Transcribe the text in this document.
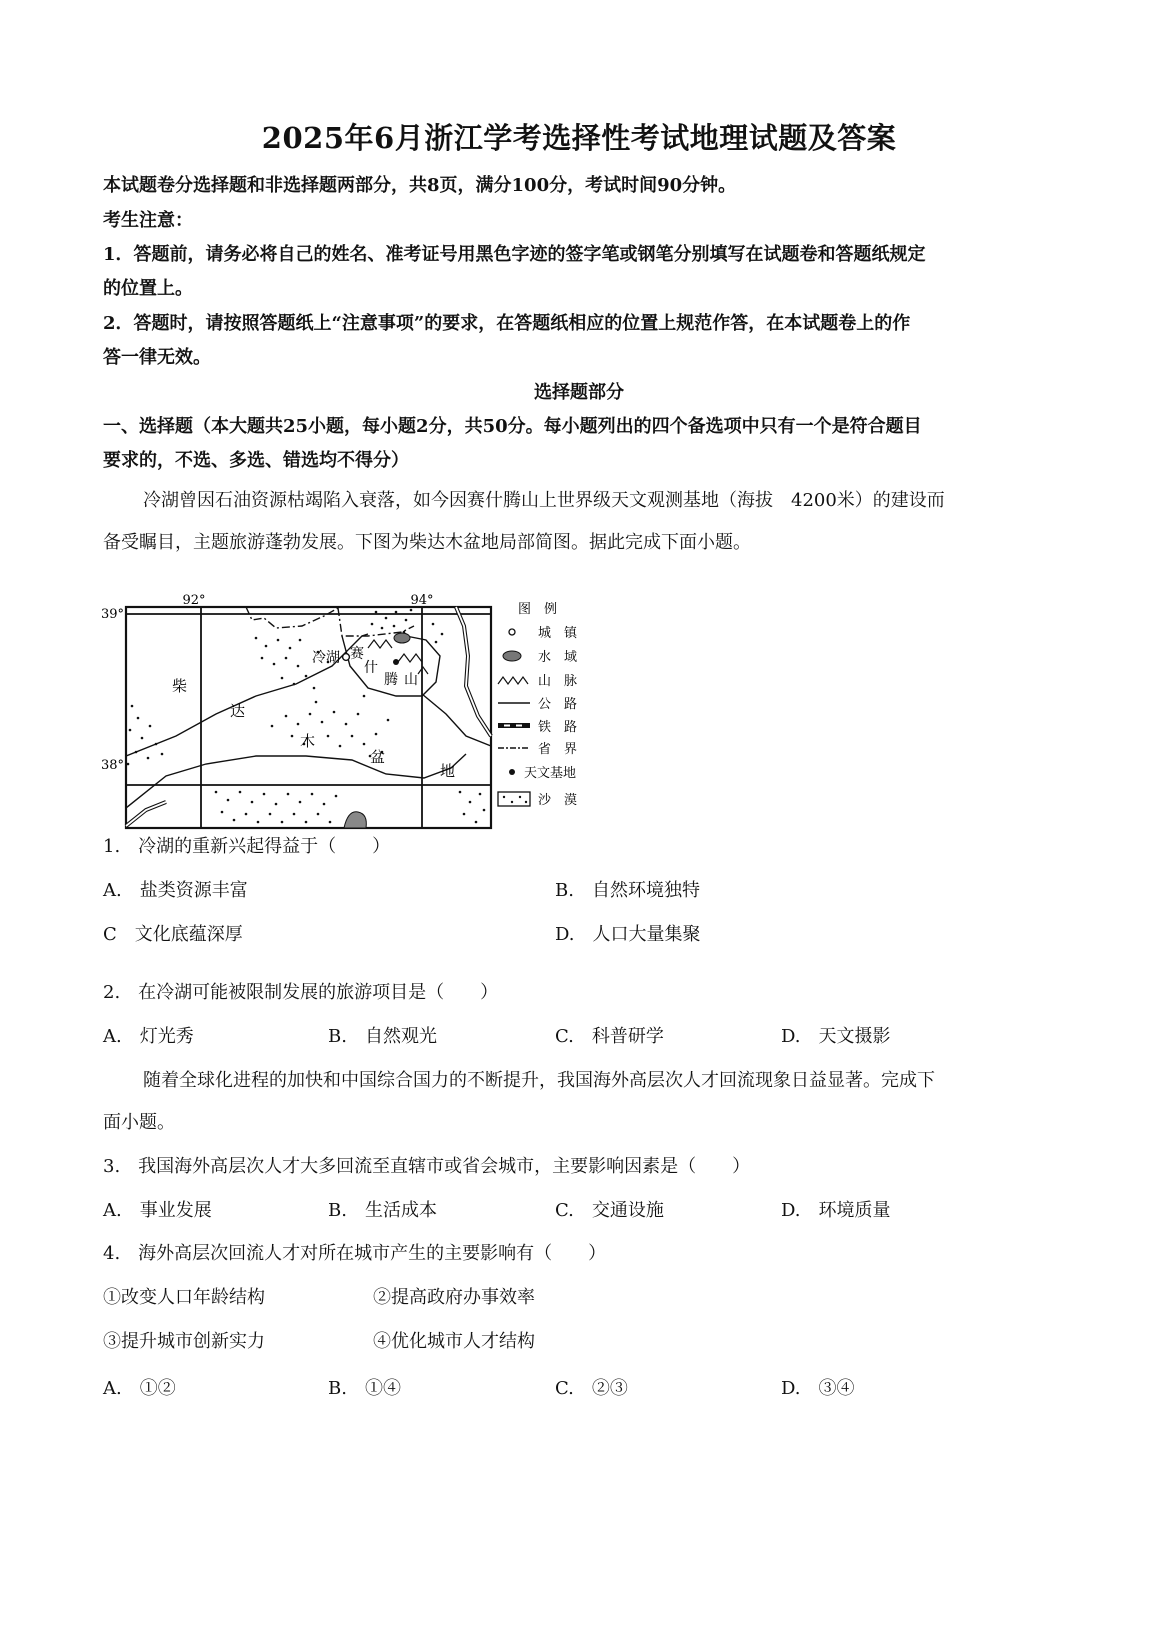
2025年6月浙江学考选择性考试地理试题及答案
本试题卷分选择题和非选择题两部分，共8页，满分100分，考试时间90分钟。
考生注意：
1．答题前，请务必将自己的姓名、准考证号用黑色字迹的签字笔或钢笔分别填写在试题卷和答题纸规定
的位置上。
2．答题时，请按照答题纸上“注意事项”的要求，在答题纸相应的位置上规范作答，在本试题卷上的作
答一律无效。
选择题部分
一、选择题（本大题共25小题，每小题2分，共50分。每小题列出的四个备选项中只有一个是符合题目
要求的，不选、多选、错选均不得分）
冷湖曾因石油资源枯竭陷入衰落，如今因赛什腾山上世界级天文观测基地（海拔　4200米）的建设而
备受瞩目，主题旅游蓬勃发展。下图为柴达木盆地局部简图。据此完成下面小题。
92°	94°
39°
38°
冷湖
柴
达
木
盆
地
赛
什
腾 山
图　例
城　镇
水　域
山　脉
公　路
铁　路
省　界
天文基地
沙　漠
1.　冷湖的重新兴起得益于（　　）
A.　盐类资源丰富	B.　自然环境独特
C　文化底蕴深厚	D.　人口大量集聚
2.　在冷湖可能被限制发展的旅游项目是（　　）
A.　灯光秀	B.　自然观光	C.　科普研学	D.　天文摄影
随着全球化进程的加快和中国综合国力的不断提升，我国海外高层次人才回流现象日益显著。完成下
面小题。
3.　我国海外高层次人才大多回流至直辖市或省会城市，主要影响因素是（　　）
A.　事业发展	B.　生活成本	C.　交通设施	D.　环境质量
4.　海外高层次回流人才对所在城市产生的主要影响有（　　）
①改变人口年龄结构	②提高政府办事效率
③提升城市创新实力	④优化城市人才结构
A.　①②	B.　①④	C.　②③	D.　③④
